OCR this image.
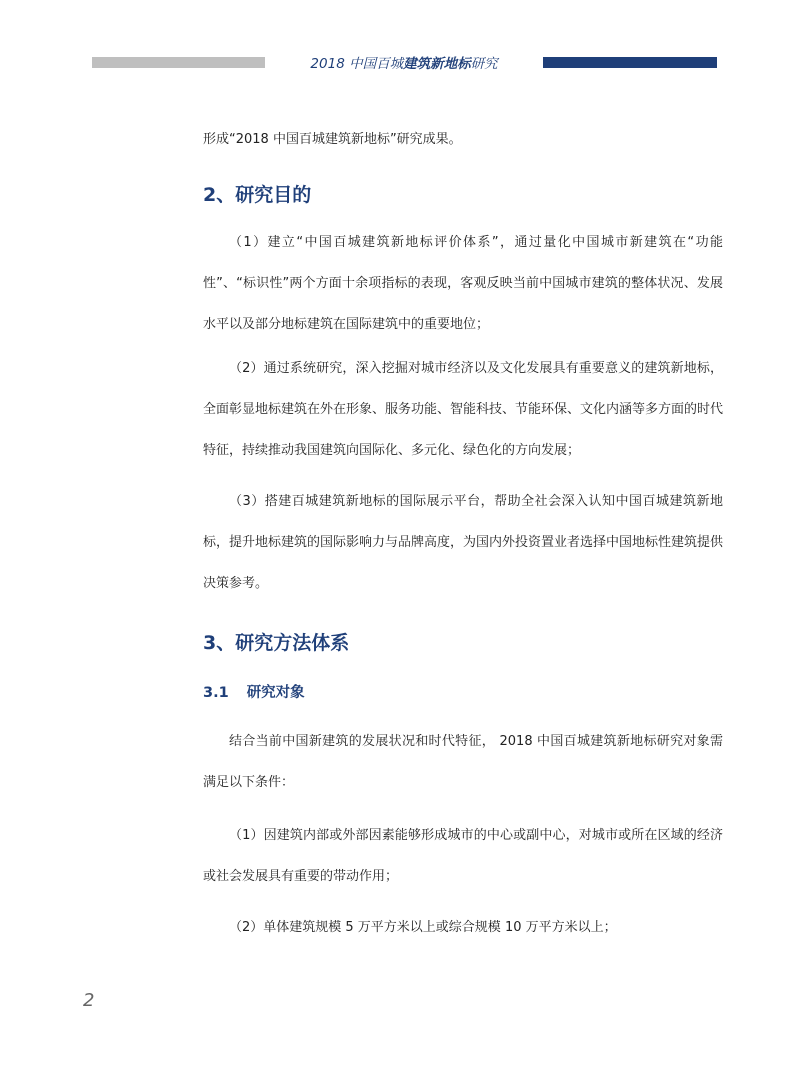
2018 中国百城建筑新地标研究

形成“2018 中国百城建筑新地标”研究成果。

2、研究目的

（1）建立“中国百城建筑新地标评价体系”，通过量化中国城市新建筑在“功能性”、“标识性”两个方面十余项指标的表现，客观反映当前中国城市建筑的整体状况、发展水平以及部分地标建筑在国际建筑中的重要地位；

（2）通过系统研究，深入挖掘对城市经济以及文化发展具有重要意义的建筑新地标，全面彰显地标建筑在外在形象、服务功能、智能科技、节能环保、文化内涵等多方面的时代特征，持续推动我国建筑向国际化、多元化、绿色化的方向发展；

（3）搭建百城建筑新地标的国际展示平台，帮助全社会深入认知中国百城建筑新地标，提升地标建筑的国际影响力与品牌高度，为国内外投资置业者选择中国地标性建筑提供决策参考。

3、研究方法体系
3.1 研究对象

结合当前中国新建筑的发展状况和时代特征， 2018 中国百城建筑新地标研究对象需满足以下条件：

（1）因建筑内部或外部因素能够形成城市的中心或副中心，对城市或所在区域的经济或社会发展具有重要的带动作用；

（2）单体建筑规模 5 万平方米以上或综合规模 10 万平方米以上；

2
